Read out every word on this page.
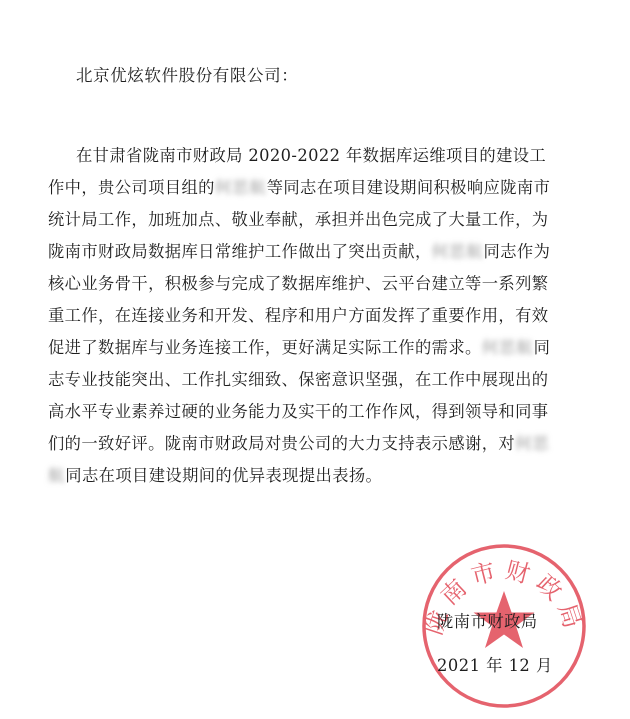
北京优炫软件股份有限公司：
在甘肃省陇南市财政局 2020-2022 年数据库运维项目的建设工
作中，贵公司项目组的何思航等同志在项目建设期间积极响应陇南市
统计局工作，加班加点、敬业奉献，承担并出色完成了大量工作，为
陇南市财政局数据库日常维护工作做出了突出贡献，何思航同志作为
核心业务骨干，积极参与完成了数据库维护、云平台建立等一系列繁
重工作，在连接业务和开发、程序和用户方面发挥了重要作用，有效
促进了数据库与业务连接工作，更好满足实际工作的需求。何思航同
志专业技能突出、工作扎实细致、保密意识坚强，在工作中展现出的
高水平专业素养过硬的业务能力及实干的工作作风，得到领导和同事
们的一致好评。陇南市财政局对贵公司的大力支持表示感谢，对何思
航同志在项目建设期间的优异表现提出表扬。
陇南市财政局
陇南市财政局
2021 年 12 月
